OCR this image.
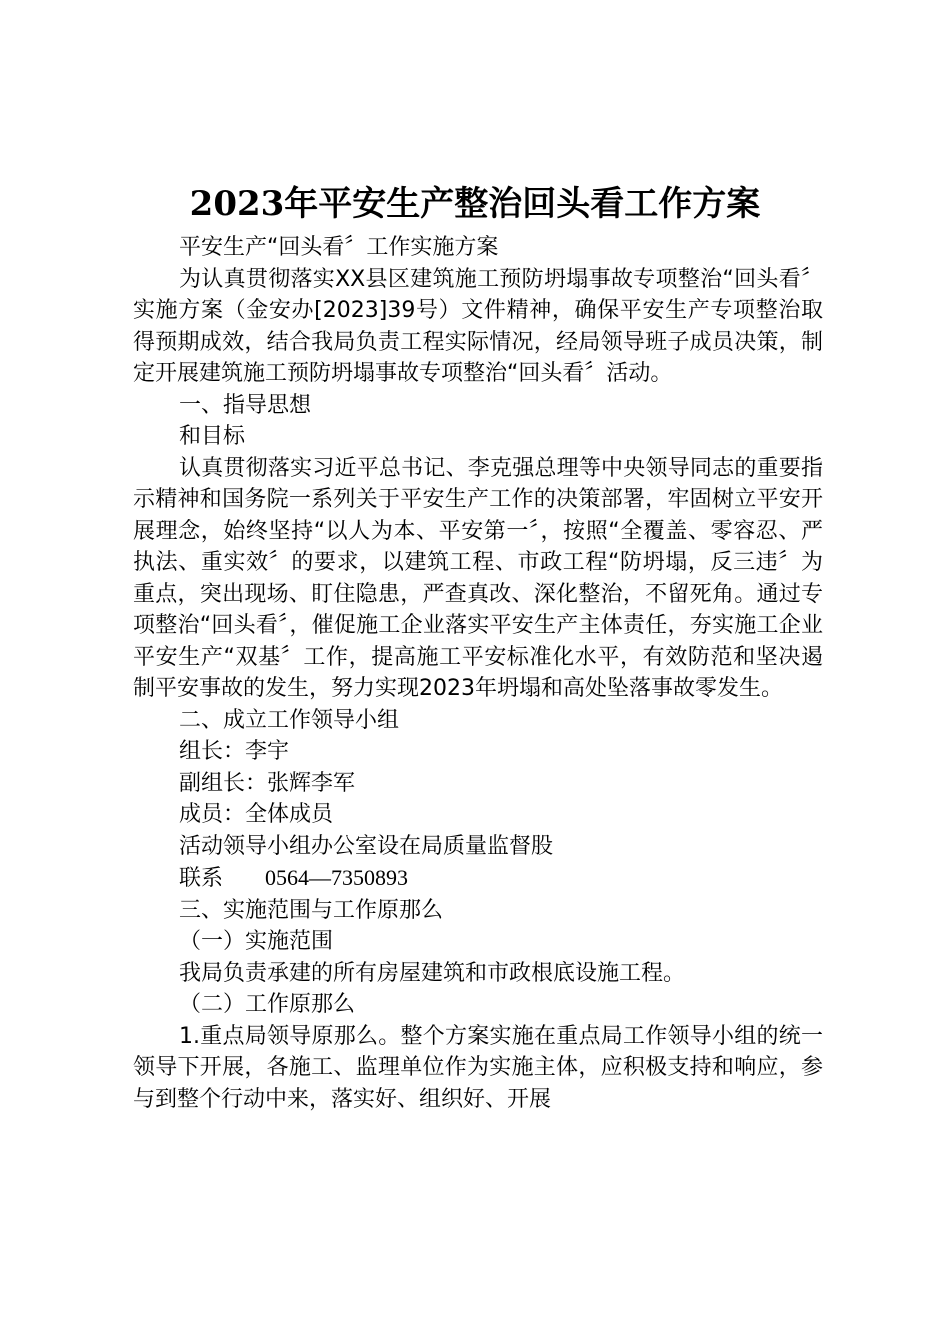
2023年平安生产整治回头看工作方案

平安生产“回头看〞工作实施方案

为认真贯彻落实XX县区建筑施工预防坍塌事故专项整治“回头看〞实施方案（金安办[2023]39号）文件精神，确保平安生产专项整治取得预期成效，结合我局负责工程实际情况，经局领导班子成员决策，制定开展建筑施工预防坍塌事故专项整治“回头看〞活动。

一、指导思想

和目标

认真贯彻落实习近平总书记、李克强总理等中央领导同志的重要指示精神和国务院一系列关于平安生产工作的决策部署，牢固树立平安开展理念，始终坚持“以人为本、平安第一〞，按照“全覆盖、零容忍、严执法、重实效〞的要求，以建筑工程、市政工程“防坍塌，反三违〞为重点，突出现场、盯住隐患，严查真改、深化整治，不留死角。通过专项整治“回头看〞，催促施工企业落实平安生产主体责任，夯实施工企业平安生产“双基〞工作，提高施工平安标准化水平，有效防范和坚决遏制平安事故的发生，努力实现2023年坍塌和高处坠落事故零发生。

二、成立工作领导小组

组长：李宇

副组长：张辉李军

成员：全体成员

活动领导小组办公室设在局质量监督股

联系 0564—7350893

三、实施范围与工作原那么

（一）实施范围

我局负责承建的所有房屋建筑和市政根底设施工程。

（二）工作原那么

1.重点局领导原那么。整个方案实施在重点局工作领导小组的统一领导下开展，各施工、监理单位作为实施主体，应积极支持和响应，参与到整个行动中来，落实好、组织好、开展
